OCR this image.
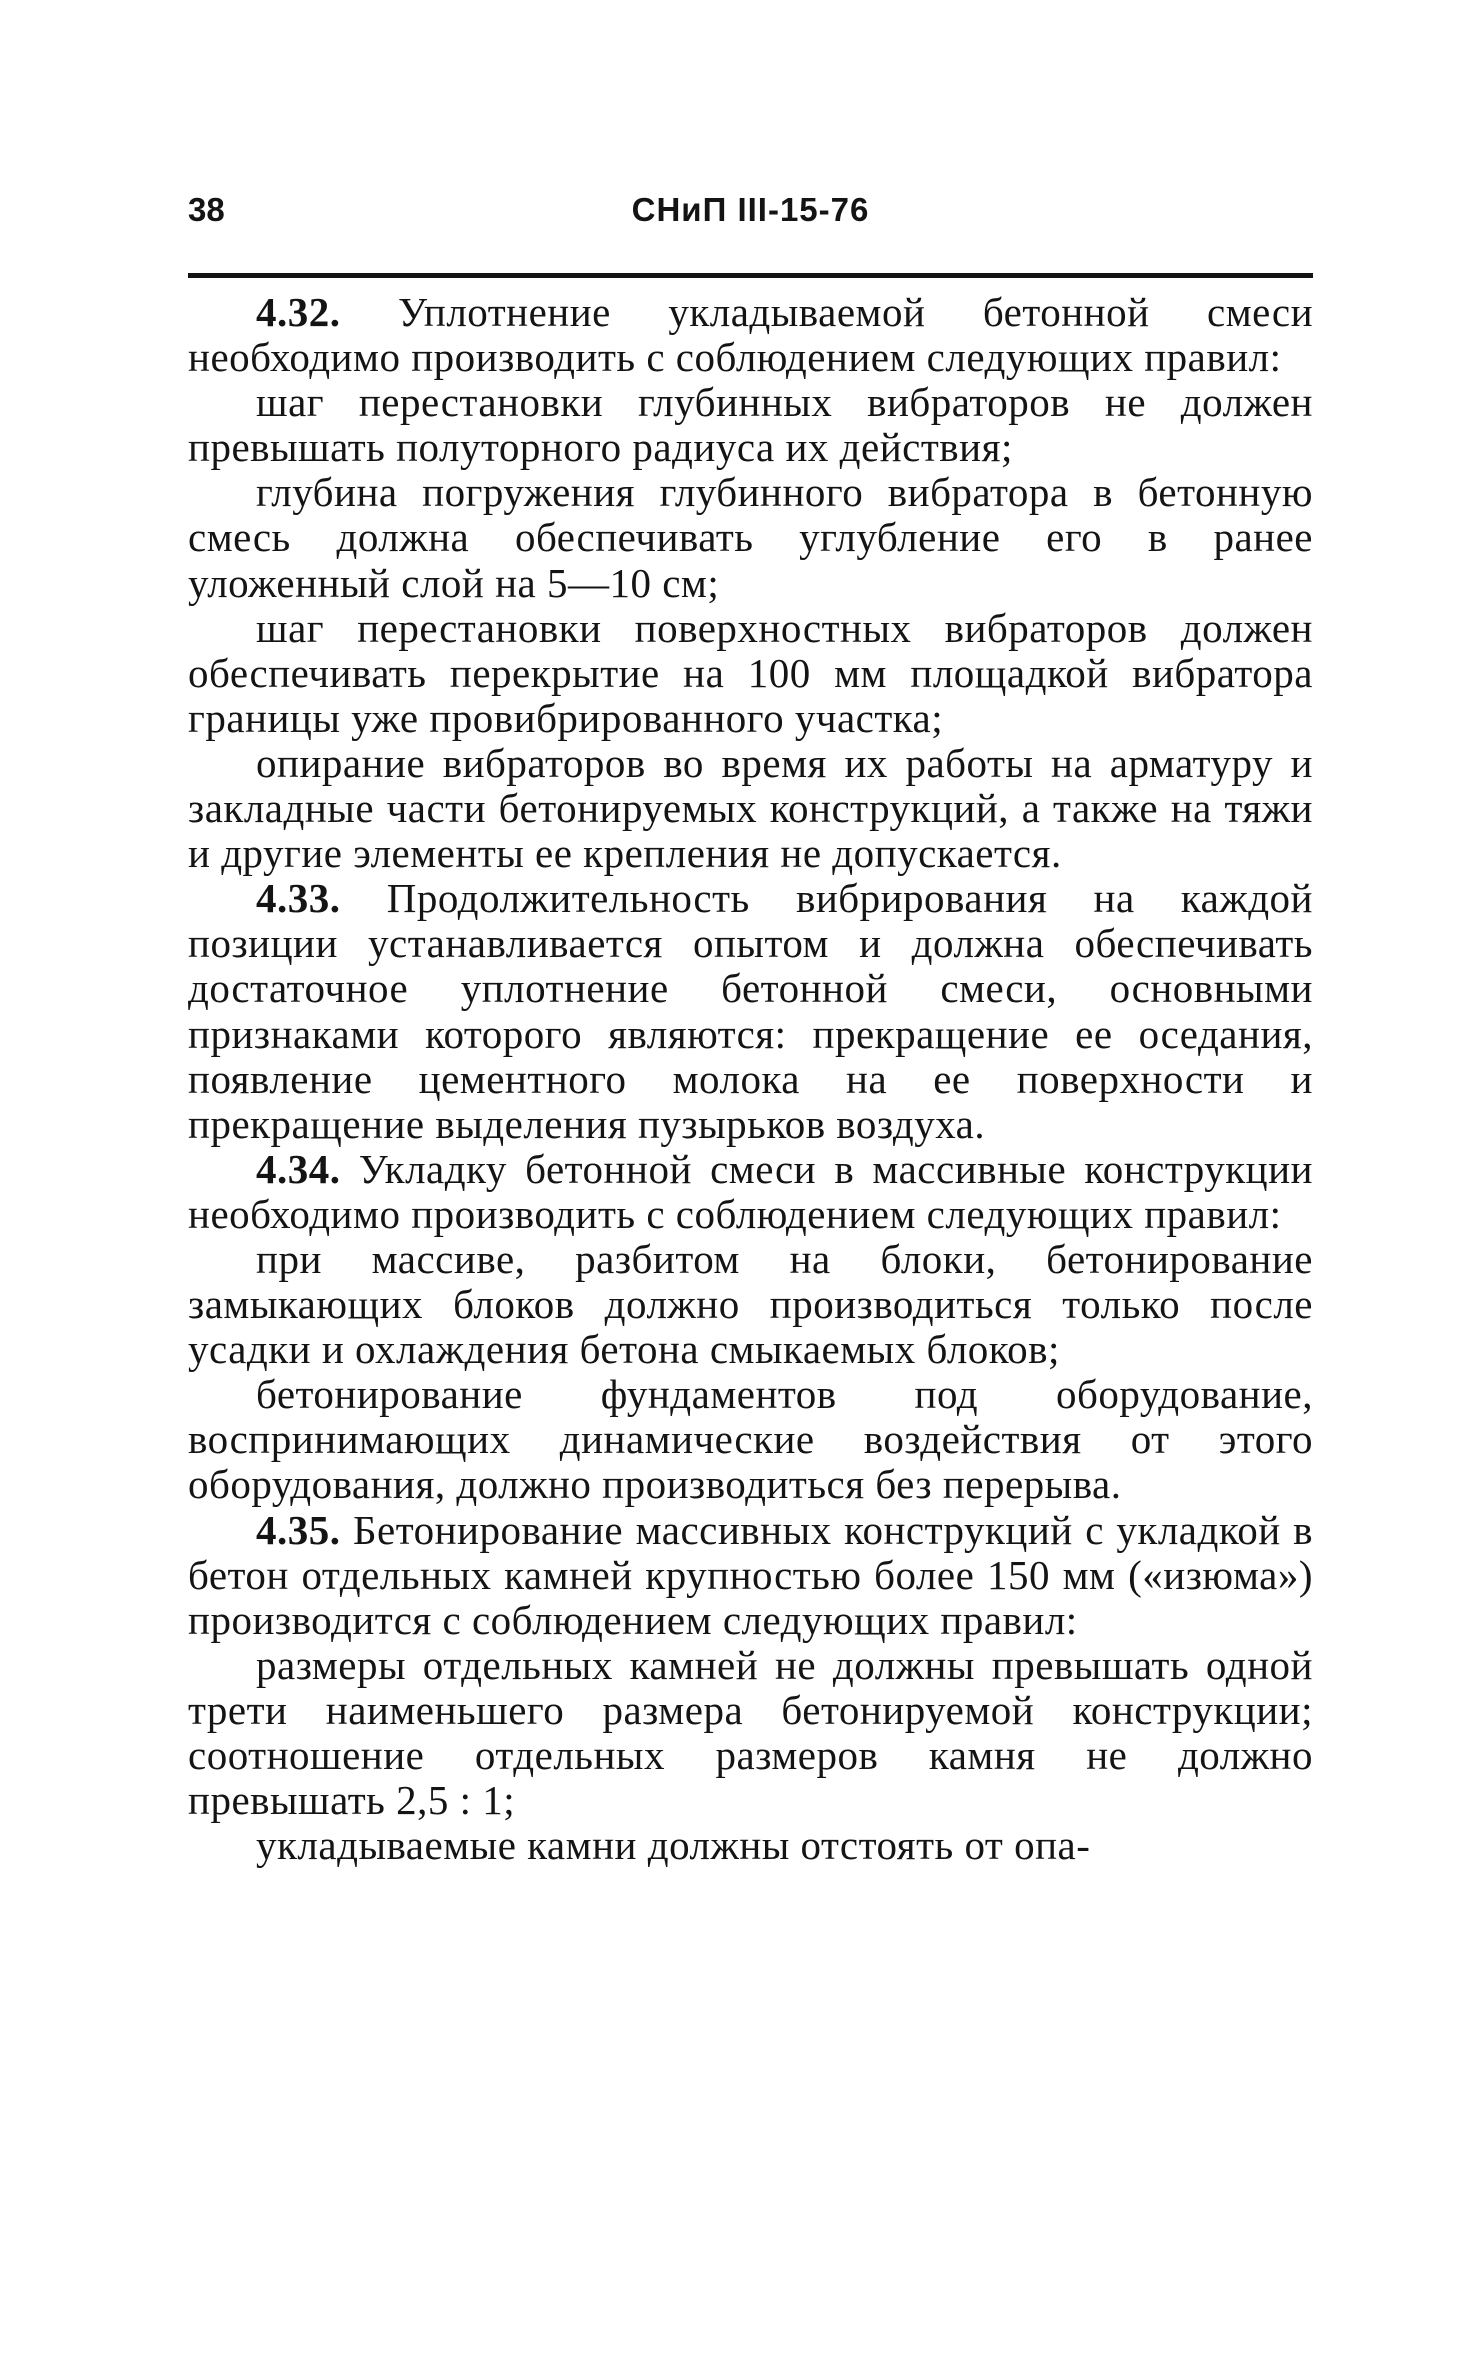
38	СНиП III-15-76

4.32. Уплотнение укладываемой бетонной смеси необходимо производить с соблюдением следующих правил:

шаг перестановки глубинных вибраторов не должен превышать полуторного радиуса их действия;

глубина погружения глубинного вибратора в бетонную смесь должна обеспечивать углубление его в ранее уложенный слой на 5—10 см;

шаг перестановки поверхностных вибраторов должен обеспечивать перекрытие на 100 мм площадкой вибратора границы уже провибрированного участка;

опирание вибраторов во время их работы на арматуру и закладные части бетонируемых конструкций, а также на тяжи и другие элементы ее крепления не допускается.

4.33. Продолжительность вибрирования на каждой позиции устанавливается опытом и должна обеспечивать достаточное уплотнение бетонной смеси, основными признаками которого являются: прекращение ее оседания, появление цементного молока на ее поверхности и прекращение выделения пузырьков воздуха.

4.34. Укладку бетонной смеси в массивные конструкции необходимо производить с соблюдением следующих правил:

при массиве, разбитом на блоки, бетонирование замыкающих блоков должно производиться только после усадки и охлаждения бетона смыкаемых блоков;

бетонирование фундаментов под оборудование, воспринимающих динамические воздействия от этого оборудования, должно производиться без перерыва.

4.35. Бетонирование массивных конструкций с укладкой в бетон отдельных камней крупностью более 150 мм («изюма») производится с соблюдением следующих правил:

размеры отдельных камней не должны превышать одной трети наименьшего размера бетонируемой конструкции; соотношение отдельных размеров камня не должно превышать 2,5 : 1;

укладываемые камни должны отстоять от опа-
